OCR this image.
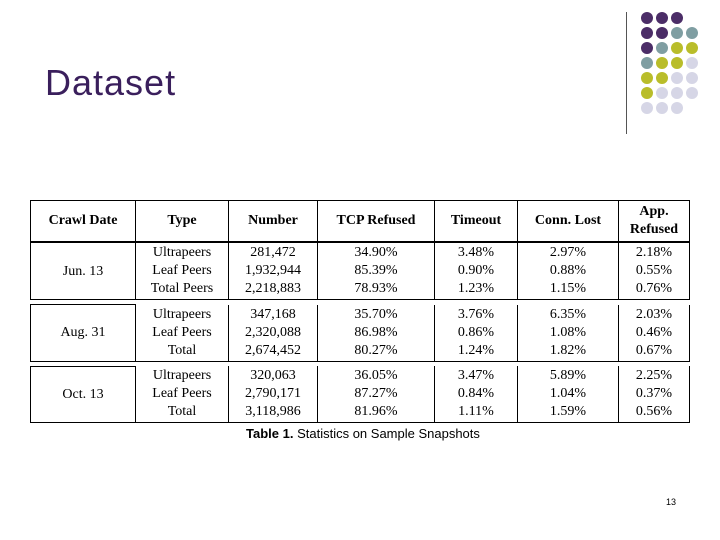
Dataset
Crawl Date	Type	Number	TCP Refused	Timeout	Conn. Lost	App. Refused
Jun. 13	Ultrapeers	281,472	34.90%	3.48%	2.97%	2.18%
	Leaf Peers	1,932,944	85.39%	0.90%	0.88%	0.55%
	Total Peers	2,218,883	78.93%	1.23%	1.15%	0.76%

Aug. 31	Ultrapeers	347,168	35.70%	3.76%	6.35%	2.03%
	Leaf Peers	2,320,088	86.98%	0.86%	1.08%	0.46%
	Total	2,674,452	80.27%	1.24%	1.82%	0.67%

Oct. 13	Ultrapeers	320,063	36.05%	3.47%	5.89%	2.25%
	Leaf Peers	2,790,171	87.27%	0.84%	1.04%	0.37%
	Total	3,118,986	81.96%	1.11%	1.59%	0.56%
Table 1. Statistics on Sample Snapshots
13
